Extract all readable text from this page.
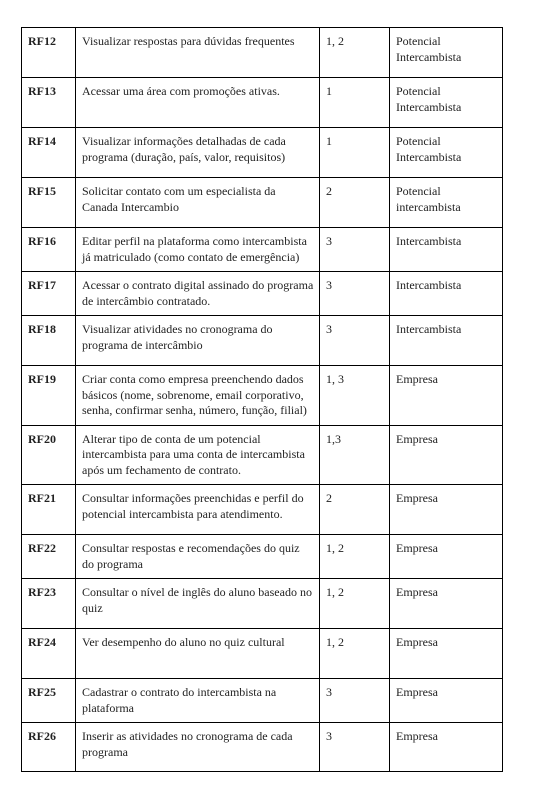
RF12	Visualizar respostas para dúvidas frequentes	1, 2	Potencial Intercambista
RF13	Acessar uma área com promoções ativas.	1	Potencial Intercambista
RF14	Visualizar informações detalhadas de cada programa (duração, país, valor, requisitos)	1	Potencial Intercambista
RF15	Solicitar contato com um especialista da Canada Intercambio	2	Potencial intercambista
RF16	Editar perfil na plataforma como intercambista já matriculado (como contato de emergência)	3	Intercambista
RF17	Acessar o contrato digital assinado do programa de intercâmbio contratado.	3	Intercambista
RF18	Visualizar atividades no cronograma do programa de intercâmbio	3	Intercambista
RF19	Criar conta como empresa preenchendo dados básicos (nome, sobrenome, email corporativo, senha, confirmar senha, número, função, filial)	1, 3	Empresa
RF20	Alterar tipo de conta de um potencial intercambista para uma conta de intercambista após um fechamento de contrato.	1,3	Empresa
RF21	Consultar informações preenchidas e perfil do potencial intercambista para atendimento.	2	Empresa
RF22	Consultar respostas e recomendações do quiz do programa	1, 2	Empresa
RF23	Consultar o nível de inglês do aluno baseado no quiz	1, 2	Empresa
RF24	Ver desempenho do aluno no quiz cultural	1, 2	Empresa
RF25	Cadastrar o contrato do intercambista na plataforma	3	Empresa
RF26	Inserir as atividades no cronograma de cada programa	3	Empresa
